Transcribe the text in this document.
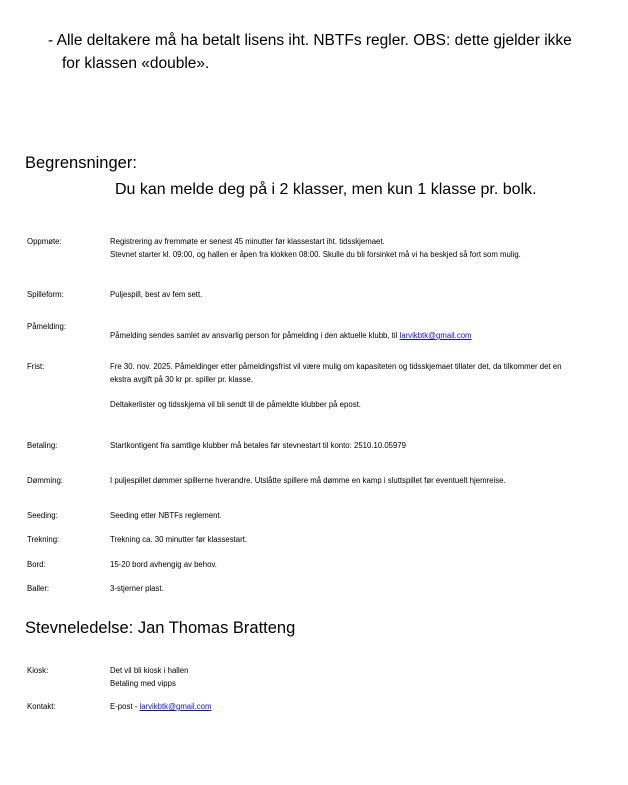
- Alle deltakere må ha betalt lisens iht. NBTFs regler. OBS: dette gjelder ikke for klassen «double».
Begrensninger:
Du kan melde deg på i 2 klasser, men kun 1 klasse pr. bolk.
Oppmøte:	Registrering av fremmøte er senest 45 minutter før klassestart iht. tidsskjemaet.

Stevnet starter kl. 09:00, og hallen er åpen fra klokken 08:00. Skulle du bli forsinket må vi ha beskjed så fort som mulig.

Spilleform:	Puljespill, best av fem sett.

Påmelding:

Påmelding sendes samlet av ansvarlig person for påmelding i den aktuelle klubb, til larvikbtk@gmail.com

Frist:	Fre 30. nov. 2025. Påmeldinger etter påmeldingsfrist vil være mulig om kapasiteten og tidsskjemaet tillater det, da tilkommer det en ekstra avgift på 30 kr pr. spiller pr. klasse.

Deltakerlister og tidsskjema vil bli sendt til de påmeldte klubber på epost.

Betaling:	Startkontigent fra samtlige klubber må betales før stevnestart til konto: 2510.10.05979

Dømming:	I puljespillet dømmer spillerne hverandre. Utslåtte spillere må dømme en kamp i sluttspillet før eventuelt hjemreise.

Seeding:	Seeding etter NBTFs reglement.

Trekning:	Trekning ca. 30 minutter før klassestart.

Bord:	15-20 bord avhengig av behov.

Baller:	3-stjerner plast.

Stevneledelse: Jan Thomas Bratteng
Kiosk:	Det vil bli kiosk i hallen

Betaling med vipps

Kontakt:	E-post - larvikbtk@gmail.com
